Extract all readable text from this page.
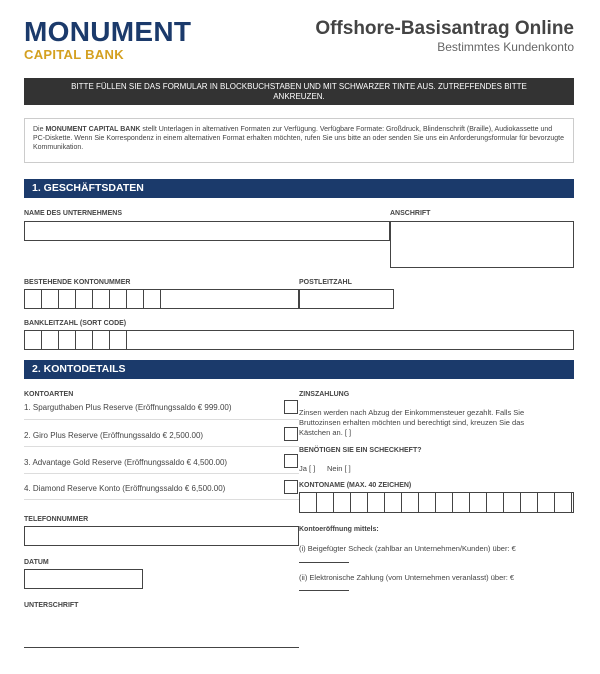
MONUMENT
CAPITAL BANK
Offshore-Basisantrag Online
Bestimmtes Kundenkonto
BITTE FÜLLEN SIE DAS FORMULAR IN BLOCKBUCHSTABEN UND MIT SCHWARZER TINTE AUS. ZUTREFFENDES BITTE ANKREUZEN.
Die MONUMENT CAPITAL BANK stellt Unterlagen in alternativen Formaten zur Verfügung. Verfügbare Formate: Großdruck, Blindenschrift (Braille), Audiokassette und PC-Diskette. Wenn Sie Korrespondenz in einem alternativen Format erhalten möchten, rufen Sie uns bitte an oder senden Sie uns ein Anforderungsformular für bevorzugte Kommunikation.
1. GESCHÄFTSDATEN
NAME DES UNTERNEHMENS	ANSCHRIFT
BESTEHENDE KONTONUMMER	POSTLEITZAHL
BANKLEITZAHL (SORT CODE)
2. KONTODETAILS
KONTOARTEN
1. Sparguthaben Plus Reserve (Eröffnungssaldo € 999.00)
2. Giro Plus Reserve (Eröffnungssaldo € 2,500.00)
3. Advantage Gold Reserve (Eröffnungssaldo € 4,500.00)
4. Diamond Reserve Konto (Eröffnungssaldo € 6,500.00)
TELEFONNUMMER
DATUM
UNTERSCHRIFT
ZINSZAHLUNG
Zinsen werden nach Abzug der Einkommensteuer gezahlt. Falls Sie Bruttozinsen erhalten möchten und berechtigt sind, kreuzen Sie das Kästchen an. [ ]
BENÖTIGEN SIE EIN SCHECKHEFT?
Ja [ ] Nein [ ]
KONTONAME (MAX. 40 ZEICHEN)
Kontoeröffnung mittels:
(i) Beigefügter Scheck (zahlbar an Unternehmen/Kunden) über: €
(ii) Elektronische Zahlung (vom Unternehmen veranlasst) über: €
